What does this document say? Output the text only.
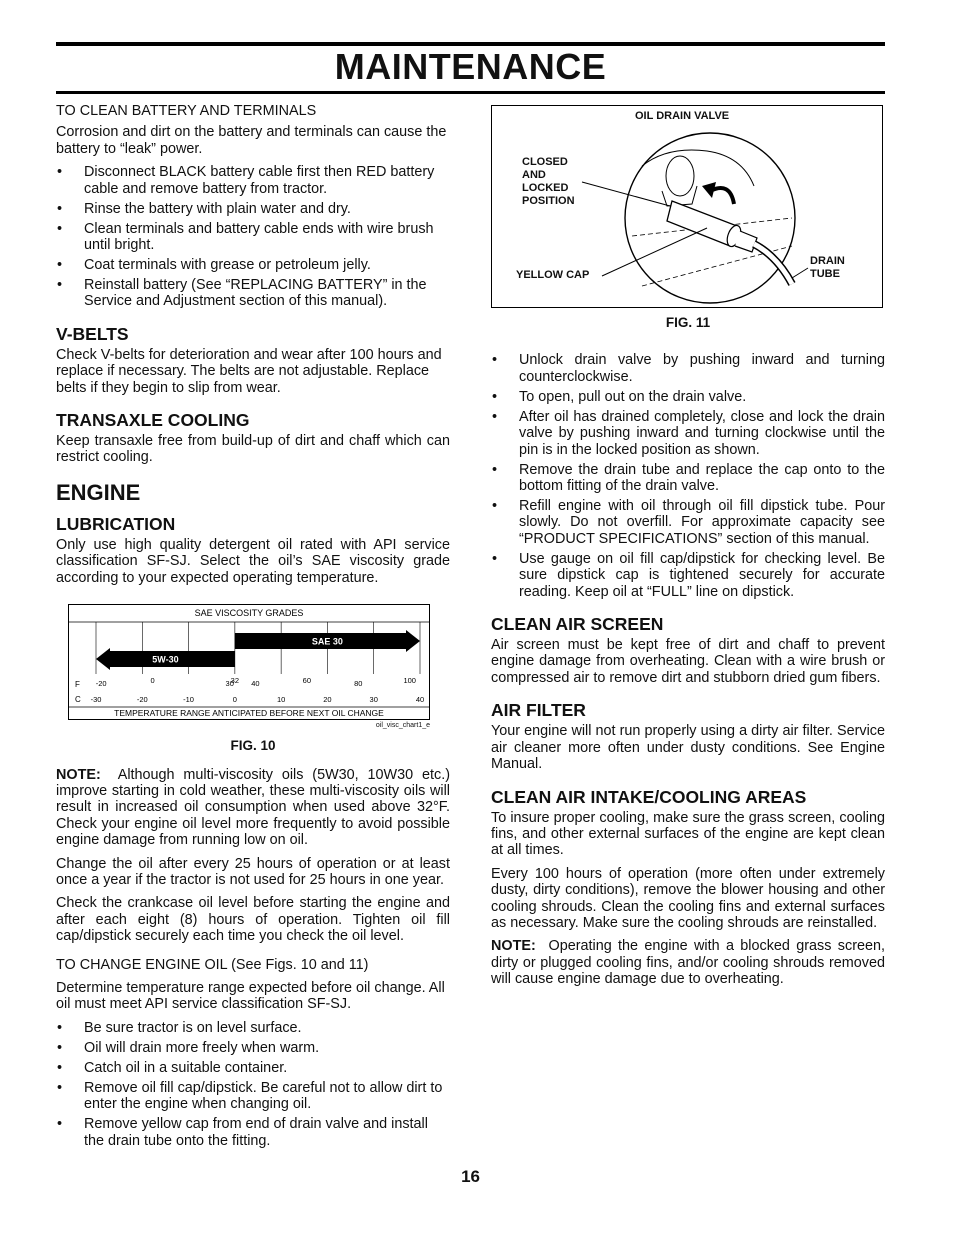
MAINTENANCE

TO CLEAN BATTERY AND TERMINALS

Corrosion and dirt on the battery and terminals can cause the battery to “leak” power.

• Disconnect BLACK battery cable first then RED battery cable and remove battery from tractor.
• Rinse the battery with plain water and dry.
• Clean terminals and battery cable ends with wire brush until bright.
• Coat terminals with grease or petroleum jelly.
• Reinstall battery (See “REPLACING BATTERY” in the Service and Adjustment section of this manual).
V-BELTS

Check V-belts for deterioration and wear after 100 hours and replace if necessary. The belts are not adjustable. Replace belts if they begin to slip from wear.

TRANSAXLE COOLING

Keep transaxle free from build-up of dirt and chaff which can restrict cooling.

ENGINE
LUBRICATION

Only use high quality detergent oil rated with API service classification SF-SJ. Select the oil’s SAE viscosity grade according to your expected operating temperature.

SAE VISCOSITY GRADES
TEMPERATURE RANGE ANTICIPATED BEFORE NEXT OIL CHANGE
F
C
5W-30
SAE 30
-20	0	30
32 40	60	80	100
-30	-20	-10	0	10	20	30	40
oil_visc_chart1_e
FIG. 10

NOTE: Although multi-viscosity oils (5W30, 10W30 etc.) improve starting in cold weather, these multi-viscosity oils will result in increased oil consumption when used above 32°F. Check your engine oil level more frequently to avoid possible engine damage from running low on oil.

Change the oil after every 25 hours of operation or at least once a year if the tractor is not used for 25 hours in one year.

Check the crankcase oil level before starting the engine and after each eight (8) hours of operation. Tighten oil fill cap/dipstick securely each time you check the oil level.

TO CHANGE ENGINE OIL (See Figs. 10 and 11)

Determine temperature range expected before oil change. All oil must meet API service classification SF-SJ.

• Be sure tractor is on level surface.
• Oil will drain more freely when warm.
• Catch oil in a suitable container.
• Remove oil fill cap/dipstick. Be careful not to allow dirt to enter the engine when changing oil.
• Remove yellow cap from end of drain valve and install the drain tube onto the fitting.
OIL DRAIN VALVE
CLOSED AND LOCKED POSITION
YELLOW CAP
DRAIN TUBE
FIG. 11
• Unlock drain valve by pushing inward and turning counterclockwise.
• To open, pull out on the drain valve.
• After oil has drained completely, close and lock the drain valve by pushing inward and turning clockwise until the pin is in the locked position as shown.
• Remove the drain tube and replace the cap onto to the bottom fitting of the drain valve.
• Refill engine with oil through oil fill dipstick tube. Pour slowly. Do not overfill. For approximate capacity see “PRODUCT SPECIFICATIONS” section of this manual.
• Use gauge on oil fill cap/dipstick for checking level. Be sure dipstick cap is tightened securely for accurate reading. Keep oil at “FULL” line on dipstick.
CLEAN AIR SCREEN

Air screen must be kept free of dirt and chaff to prevent engine damage from overheating. Clean with a wire brush or compressed air to remove dirt and stubborn dried gum fibers.

AIR FILTER

Your engine will not run properly using a dirty air filter. Service air cleaner more often under dusty conditions. See Engine Manual.

CLEAN AIR INTAKE/COOLING AREAS

To insure proper cooling, make sure the grass screen, cooling fins, and other external surfaces of the engine are kept clean at all times.

Every 100 hours of operation (more often under extremely dusty, dirty conditions), remove the blower housing and other cooling shrouds. Clean the cooling fins and external surfaces as necessary. Make sure the cooling shrouds are reinstalled.

NOTE: Operating the engine with a blocked grass screen, dirty or plugged cooling fins, and/or cooling shrouds removed will cause engine damage due to overheating.

16
